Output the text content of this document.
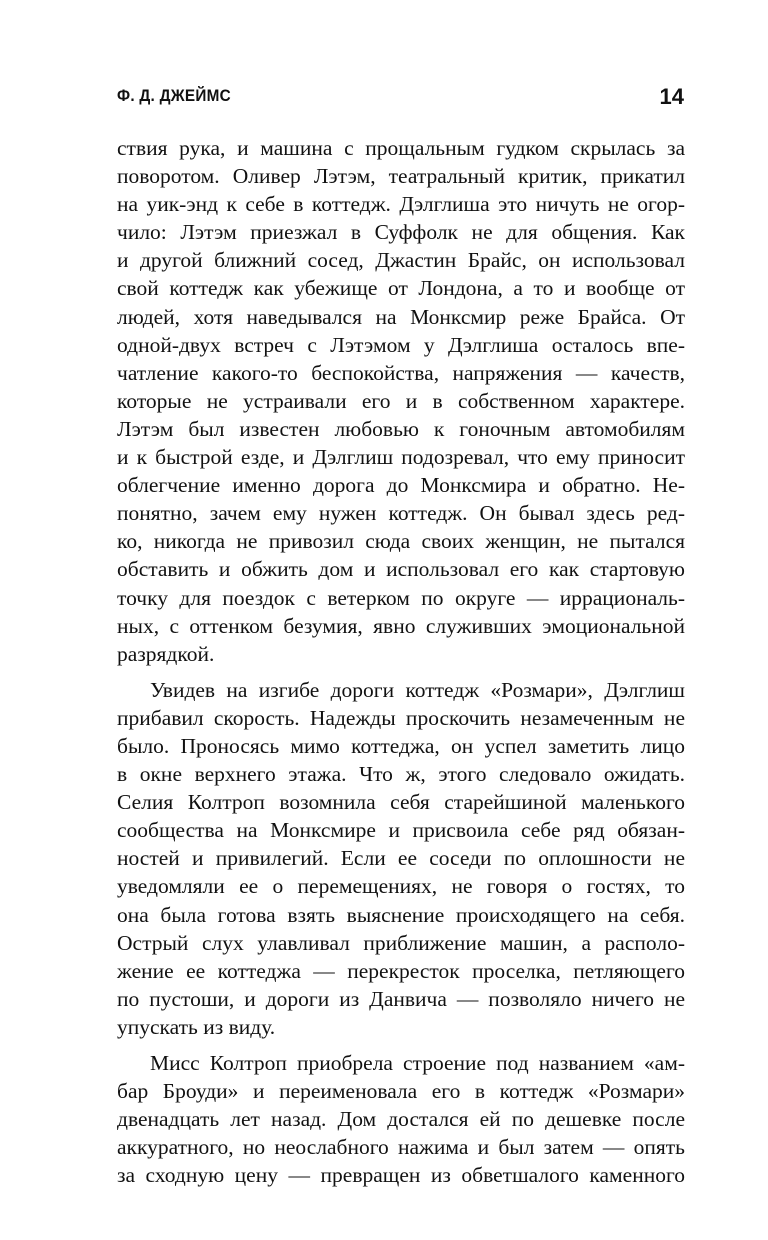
Ф. Д. ДЖЕЙМС	14
ствия рука, и машина с прощальным гудком скрылась за
поворотом. Оливер Лэтэм, театральный критик, прикатил
на уик-энд к себе в коттедж. Дэлглиша это ничуть не огор-
чило: Лэтэм приезжал в Суффолк не для общения. Как
и другой ближний сосед, Джастин Брайс, он использовал
свой коттедж как убежище от Лондона, а то и вообще от
людей, хотя наведывался на Монксмир реже Брайса. От
одной-двух встреч с Лэтэмом у Дэлглиша осталось впе-
чатление какого-то беспокойства, напряжения — качеств,
которые не устраивали его и в собственном характере.
Лэтэм был известен любовью к гоночным автомобилям
и к быстрой езде, и Дэлглиш подозревал, что ему приносит
облегчение именно дорога до Монксмира и обратно. Не-
понятно, зачем ему нужен коттедж. Он бывал здесь ред-
ко, никогда не привозил сюда своих женщин, не пытался
обставить и обжить дом и использовал его как стартовую
точку для поездок с ветерком по округе — иррациональ-
ных, с оттенком безумия, явно служивших эмоциональной
разрядкой.
Увидев на изгибе дороги коттедж «Розмари», Дэлглиш
прибавил скорость. Надежды проскочить незамеченным не
было. Проносясь мимо коттеджа, он успел заметить лицо
в окне верхнего этажа. Что ж, этого следовало ожидать.
Селия Колтроп возомнила себя старейшиной маленького
сообщества на Монксмире и присвоила себе ряд обязан-
ностей и привилегий. Если ее соседи по оплошности не
уведомляли ее о перемещениях, не говоря о гостях, то
она была готова взять выяснение происходящего на себя.
Острый слух улавливал приближение машин, а располо-
жение ее коттеджа — перекресток проселка, петляющего
по пустоши, и дороги из Данвича — позволяло ничего не
упускать из виду.
Мисс Колтроп приобрела строение под названием «ам-
бар Броуди» и переименовала его в коттедж «Розмари»
двенадцать лет назад. Дом достался ей по дешевке после
аккуратного, но неослабного нажима и был затем — опять
за сходную цену — превращен из обветшалого каменного
